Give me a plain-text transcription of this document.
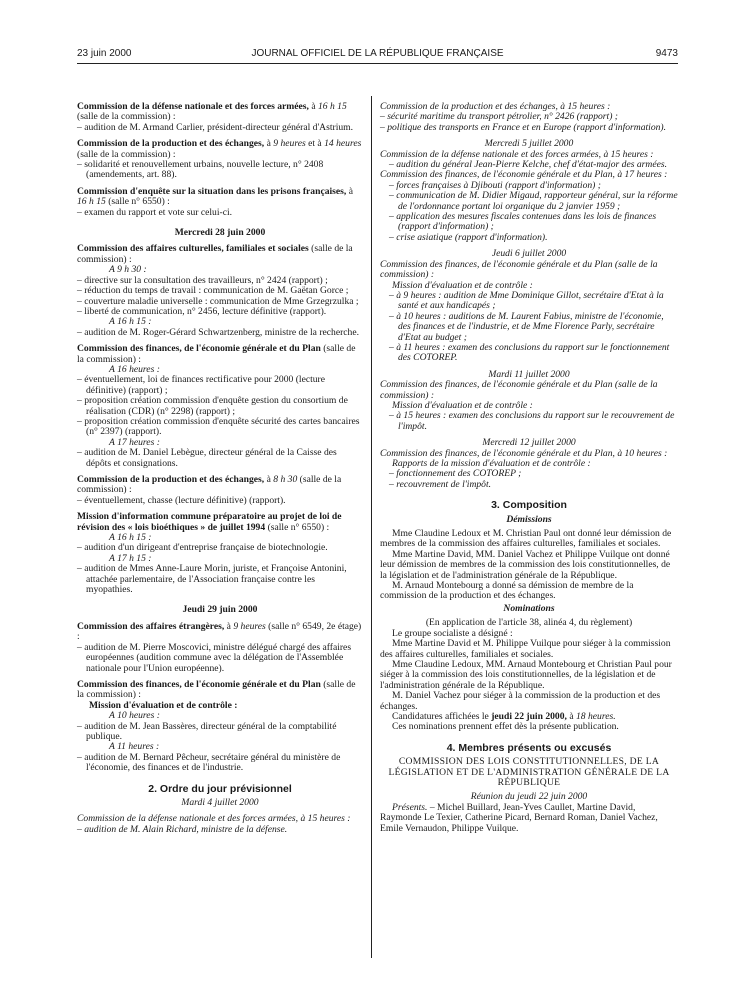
23 juin 2000	JOURNAL OFFICIEL DE LA RÉPUBLIQUE FRANÇAISE	9473

Commission de la défense nationale et des forces armées, à 16 h 15 (salle de la commission) :

– audition de M. Armand Carlier, président-directeur général d'Astrium.

Commission de la production et des échanges, à 9 heures et à 14 heures (salle de la commission) :

– solidarité et renouvellement urbains, nouvelle lecture, n° 2408 (amendements, art. 88).

Commission d'enquête sur la situation dans les prisons françaises, à 16 h 15 (salle n° 6550) :

– examen du rapport et vote sur celui-ci.

Mercredi 28 juin 2000

Commission des affaires culturelles, familiales et sociales (salle de la commission) :

A 9 h 30 :

– directive sur la consultation des travailleurs, n° 2424 (rapport) ;

– réduction du temps de travail : communication de M. Gaëtan Gorce ;

– couverture maladie universelle : communication de Mme Grzegrzulka ;

– liberté de communication, n° 2456, lecture définitive (rapport).

A 16 h 15 :

– audition de M. Roger-Gérard Schwartzenberg, ministre de la recherche.

Commission des finances, de l'économie générale et du Plan (salle de la commission) :

A 16 heures :

– éventuellement, loi de finances rectificative pour 2000 (lecture définitive) (rapport) ;

– proposition création commission d'enquête gestion du consortium de réalisation (CDR) (n° 2298) (rapport) ;

– proposition création commission d'enquête sécurité des cartes bancaires (n° 2397) (rapport).

A 17 heures :

– audition de M. Daniel Lebègue, directeur général de la Caisse des dépôts et consignations.

Commission de la production et des échanges, à 8 h 30 (salle de la commission) :

– éventuellement, chasse (lecture définitive) (rapport).

Mission d'information commune préparatoire au projet de loi de révision des « lois bioéthiques » de juillet 1994 (salle n° 6550) :

A 16 h 15 :

– audition d'un dirigeant d'entreprise française de biotechnologie.

A 17 h 15 :

– audition de Mmes Anne-Laure Morin, juriste, et Françoise Antonini, attachée parlementaire, de l'Association française contre les myopathies.

Jeudi 29 juin 2000

Commission des affaires étrangères, à 9 heures (salle n° 6549, 2e étage) :

– audition de M. Pierre Moscovici, ministre délégué chargé des affaires européennes (audition commune avec la délégation de l'Assemblée nationale pour l'Union européenne).

Commission des finances, de l'économie générale et du Plan (salle de la commission) :

Mission d'évaluation et de contrôle :

A 10 heures :

– audition de M. Jean Bassères, directeur général de la comptabilité publique.

A 11 heures :

– audition de M. Bernard Pêcheur, secrétaire général du ministère de l'économie, des finances et de l'industrie.

2. Ordre du jour prévisionnel

Mardi 4 juillet 2000

Commission de la défense nationale et des forces armées, à 15 heures :

– audition de M. Alain Richard, ministre de la défense.

Commission de la production et des échanges, à 15 heures :

– sécurité maritime du transport pétrolier, n° 2426 (rapport) ;

– politique des transports en France et en Europe (rapport d'information).

Mercredi 5 juillet 2000

Commission de la défense nationale et des forces armées, à 15 heures :

– audition du général Jean-Pierre Kelche, chef d'état-major des armées.

Commission des finances, de l'économie générale et du Plan, à 17 heures :

– forces françaises à Djibouti (rapport d'information) ;

– communication de M. Didier Migaud, rapporteur général, sur la réforme de l'ordonnance portant loi organique du 2 janvier 1959 ;

– application des mesures fiscales contenues dans les lois de finances (rapport d'information) ;

– crise asiatique (rapport d'information).

Jeudi 6 juillet 2000

Commission des finances, de l'économie générale et du Plan (salle de la commission) :

Mission d'évaluation et de contrôle :

– à 9 heures : audition de Mme Dominique Gillot, secrétaire d'Etat à la santé et aux handicapés ;

– à 10 heures : auditions de M. Laurent Fabius, ministre de l'économie, des finances et de l'industrie, et de Mme Florence Parly, secrétaire d'Etat au budget ;

– à 11 heures : examen des conclusions du rapport sur le fonctionnement des COTOREP.

Mardi 11 juillet 2000

Commission des finances, de l'économie générale et du Plan (salle de la commission) :

Mission d'évaluation et de contrôle :

– à 15 heures : examen des conclusions du rapport sur le recouvrement de l'impôt.

Mercredi 12 juillet 2000

Commission des finances, de l'économie générale et du Plan, à 10 heures :

Rapports de la mission d'évaluation et de contrôle :

– fonctionnement des COTOREP ;

– recouvrement de l'impôt.

3. Composition

Démissions

Mme Claudine Ledoux et M. Christian Paul ont donné leur démission de membres de la commission des affaires culturelles, familiales et sociales.

Mme Martine David, MM. Daniel Vachez et Philippe Vuilque ont donné leur démission de membres de la commission des lois constitutionnelles, de la législation et de l'administration générale de la République.

M. Arnaud Montebourg a donné sa démission de membre de la commission de la production et des échanges.

Nominations

(En application de l'article 38, alinéa 4, du règlement)

Le groupe socialiste a désigné :

Mme Martine David et M. Philippe Vuilque pour siéger à la commission des affaires culturelles, familiales et sociales.

Mme Claudine Ledoux, MM. Arnaud Montebourg et Christian Paul pour siéger à la commission des lois constitutionnelles, de la législation et de l'administration générale de la République.

M. Daniel Vachez pour siéger à la commission de la production et des échanges.

Candidatures affichées le jeudi 22 juin 2000, à 18 heures.

Ces nominations prennent effet dès la présente publication.

4. Membres présents ou excusés

COMMISSION DES LOIS CONSTITUTIONNELLES, DE LA LÉGISLATION ET DE L'ADMINISTRATION GÉNÉRALE DE LA RÉPUBLIQUE

Réunion du jeudi 22 juin 2000

Présents. – Michel Buillard, Jean-Yves Caullet, Martine David, Raymonde Le Texier, Catherine Picard, Bernard Roman, Daniel Vachez, Emile Vernaudon, Philippe Vuilque.
